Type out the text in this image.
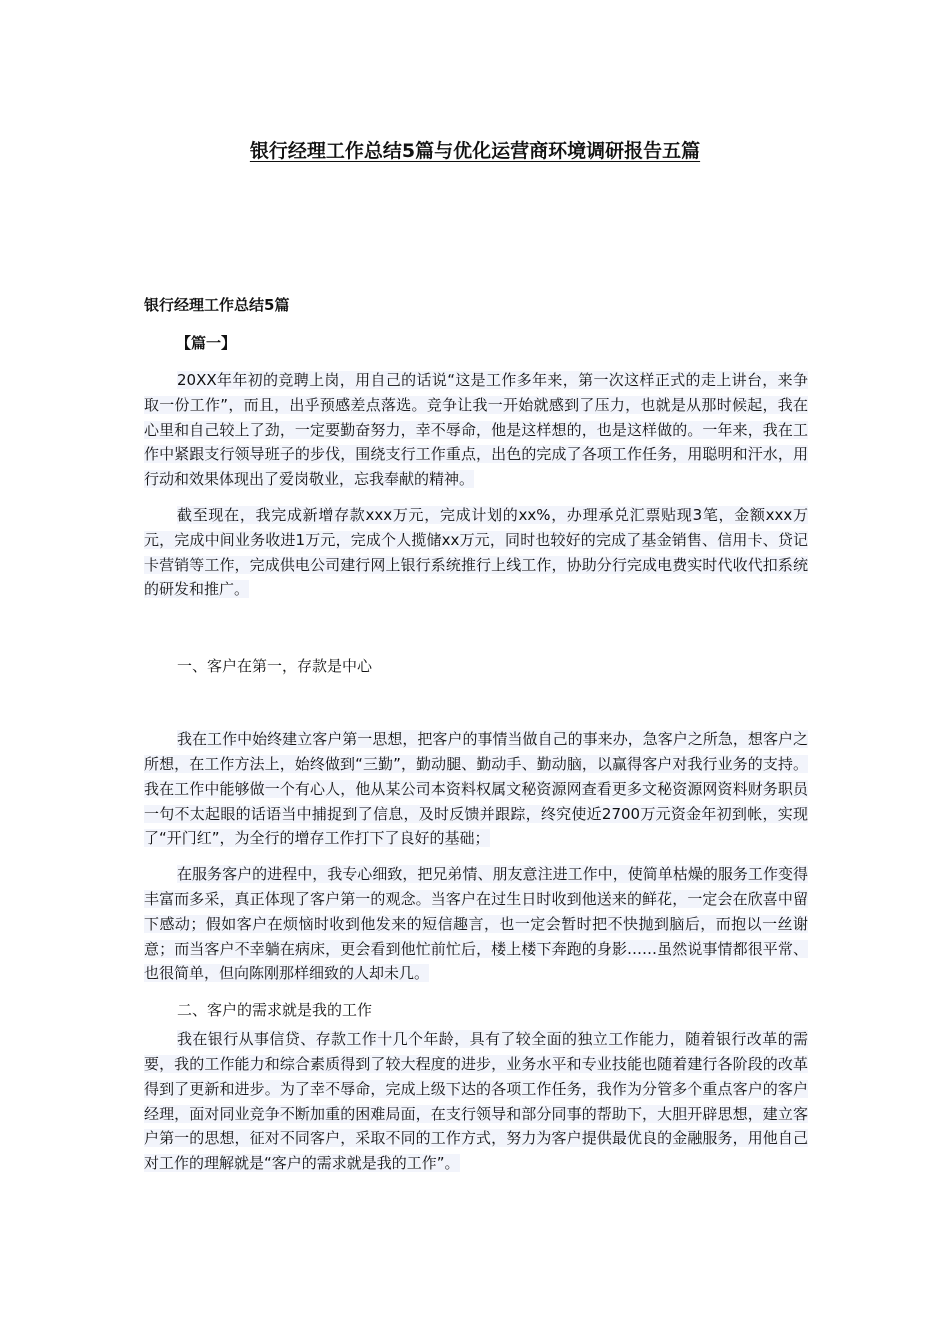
银行经理工作总结5篇与优化运营商环境调研报告五篇

银行经理工作总结5篇

【篇一】

20XX年年初的竞聘上岗，用自己的话说“这是工作多年来，第一次这样正式的走上讲台，来争取一份工作”，而且，出乎预感差点落选。竞争让我一开始就感到了压力，也就是从那时候起，我在心里和自己较上了劲，一定要勤奋努力，幸不辱命，他是这样想的，也是这样做的。一年来，我在工作中紧跟支行领导班子的步伐，围绕支行工作重点，出色的完成了各项工作任务，用聪明和汗水，用行动和效果体现出了爱岗敬业，忘我奉献的精神。

截至现在，我完成新增存款xxx万元，完成计划的xx%，办理承兑汇票贴现3笔，金额xxx万元，完成中间业务收进1万元，完成个人揽储xx万元，同时也较好的完成了基金销售、信用卡、贷记卡营销等工作，完成供电公司建行网上银行系统推行上线工作，协助分行完成电费实时代收代扣系统的研发和推广。

一、客户在第一，存款是中心

我在工作中始终建立客户第一思想，把客户的事情当做自己的事来办，急客户之所急，想客户之所想，在工作方法上，始终做到“三勤”，勤动腿、勤动手、勤动脑，以赢得客户对我行业务的支持。我在工作中能够做一个有心人，他从某公司本资料权属文秘资源网查看更多文秘资源网资料财务职员一句不太起眼的话语当中捕捉到了信息，及时反馈并跟踪，终究使近2700万元资金年初到帐，实现了“开门红”，为全行的增存工作打下了良好的基础；

在服务客户的进程中，我专心细致，把兄弟情、朋友意注进工作中，使简单枯燥的服务工作变得丰富而多采，真正体现了客户第一的观念。当客户在过生日时收到他送来的鲜花，一定会在欣喜中留下感动；假如客户在烦恼时收到他发来的短信趣言，也一定会暂时把不快抛到脑后，而抱以一丝谢意；而当客户不幸躺在病床，更会看到他忙前忙后，楼上楼下奔跑的身影……虽然说事情都很平常、也很简单，但向陈刚那样细致的人却未几。

二、客户的需求就是我的工作

我在银行从事信贷、存款工作十几个年龄，具有了较全面的独立工作能力，随着银行改革的需要，我的工作能力和综合素质得到了较大程度的进步，业务水平和专业技能也随着建行各阶段的改革得到了更新和进步。为了幸不辱命，完成上级下达的各项工作任务，我作为分管多个重点客户的客户经理，面对同业竞争不断加重的困难局面，在支行领导和部分同事的帮助下，大胆开辟思想，建立客户第一的思想，征对不同客户，采取不同的工作方式，努力为客户提供最优良的金融服务，用他自己对工作的理解就是“客户的需求就是我的工作”。
